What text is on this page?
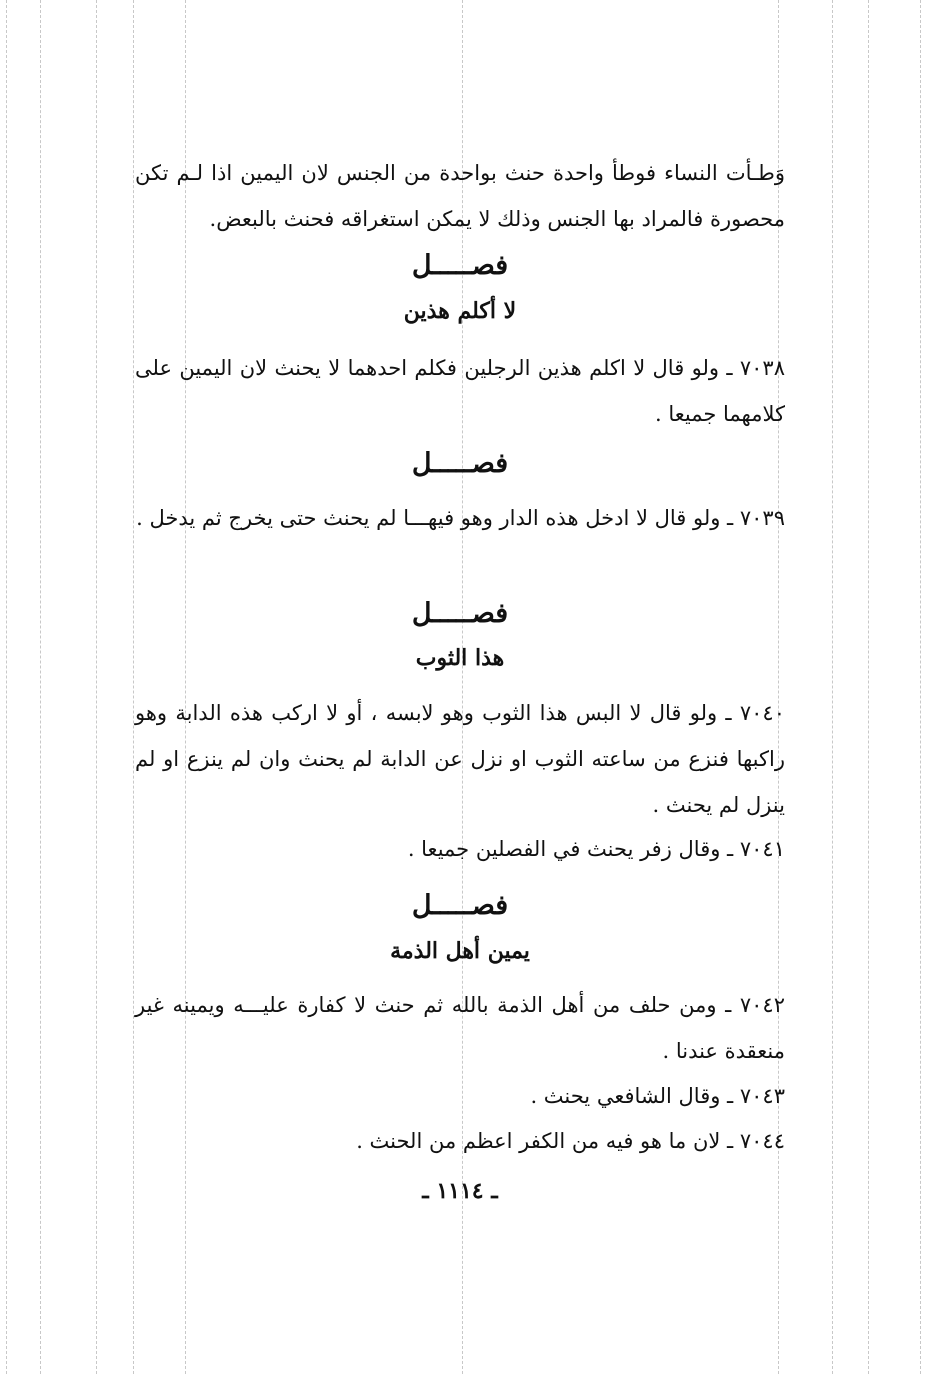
وَطـأت النساء فوطأ واحدة حنث بواحدة من الجنس لان اليمين اذا لـم تكن محصورة فالمراد بها الجنس وذلك لا يمكن استغراقه فحنث بالبعض.
فصـــــل
لا أكلم هذين
٧٠٣٨ ـ ولو قال لا اكلم هذين الرجلين فكلم احدهما لا يحنث لان اليمين على كلامهما جميعا .
فصـــــل
٧٠٣٩ ـ ولو قال لا ادخل هذه الدار وهو فيهـــا لم يحنث حتى يخرج ثم يدخل .
فصـــــل
هذا الثوب
٧٠٤٠ ـ ولو قال لا البس هذا الثوب وهو لابسه ، أو لا اركب هذه الدابة وهو راكبها فنزع من ساعته الثوب او نزل عن الدابة لم يحنث وان لم ينزع او لم ينزل لم يحنث .
٧٠٤١ ـ وقال زفر يحنث في الفصلين جميعا .
فصـــــل
يمين أهل الذمة
٧٠٤٢ ـ ومن حلف من أهل الذمة بالله ثم حنث لا كفارة عليـــه ويمينه غير منعقدة عندنا .
٧٠٤٣ ـ وقال الشافعي يحنث .
٧٠٤٤ ـ لان ما هو فيه من الكفر اعظم من الحنث .
ـ ١١١٤ ـ
